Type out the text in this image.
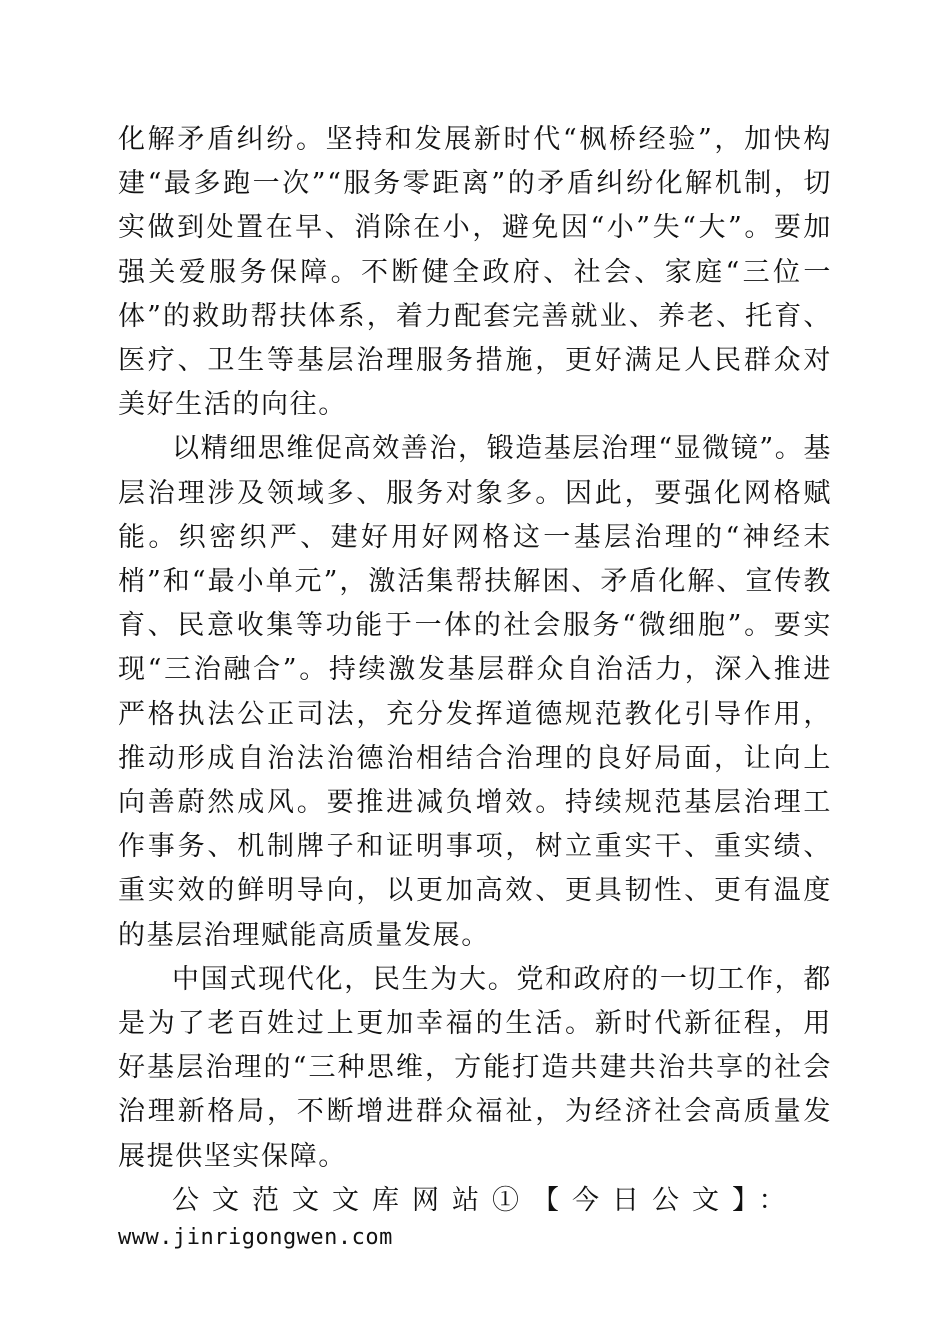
化解矛盾纠纷。坚持和发展新时代“枫桥经验”，加快构建“最多跑一次”“服务零距离”的矛盾纠纷化解机制，切实做到处置在早、消除在小，避免因“小”失“大”。要加强关爱服务保障。不断健全政府、社会、家庭“三位一体”的救助帮扶体系，着力配套完善就业、养老、托育、医疗、卫生等基层治理服务措施，更好满足人民群众对美好生活的向往。

以精细思维促高效善治，锻造基层治理“显微镜”。基层治理涉及领域多、服务对象多。因此，要强化网格赋能。织密织严、建好用好网格这一基层治理的“神经末梢”和“最小单元”，激活集帮扶解困、矛盾化解、宣传教育、民意收集等功能于一体的社会服务“微细胞”。要实现“三治融合”。持续激发基层群众自治活力，深入推进严格执法公正司法，充分发挥道德规范教化引导作用，推动形成自治法治德治相结合治理的良好局面，让向上向善蔚然成风。要推进减负增效。持续规范基层治理工作事务、机制牌子和证明事项，树立重实干、重实绩、重实效的鲜明导向，以更加高效、更具韧性、更有温度的基层治理赋能高质量发展。

中国式现代化，民生为大。党和政府的一切工作，都是为了老百姓过上更加幸福的生活。新时代新征程，用好基层治理的“三种思维，方能打造共建共治共享的社会治理新格局，不断增进群众福祉，为经济社会高质量发展提供坚实保障。

公文范文文库网站①【今日公文】：

www.jinrigongwen.com
